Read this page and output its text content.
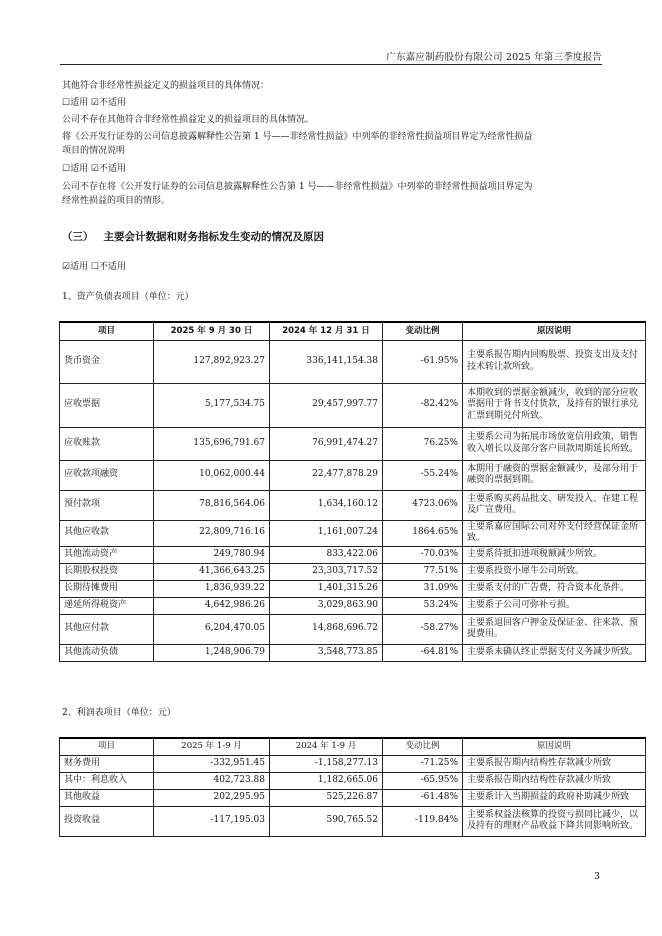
广东嘉应制药股份有限公司 2025 年第三季度报告
其他符合非经常性损益定义的损益项目的具体情况：
☐适用 ☑不适用
公司不存在其他符合非经常性损益定义的损益项目的具体情况。
将《公开发行证券的公司信息披露解释性公告第 1 号——非经常性损益》中列举的非经常性损益项目界定为经常性损益
项目的情况说明
☐适用 ☑不适用
公司不存在将《公开发行证券的公司信息披露解释性公告第 1 号——非经常性损益》中列举的非经常性损益项目界定为
经常性损益的项目的情形。
（三） 主要会计数据和财务指标发生变动的情况及原因
☑适用 ☐不适用
1、资产负债表项目（单位：元）
项目	2025 年 9 月 30 日	2024 年 12 月 31 日	变动比例	原因说明
货币资金	127,892,923.27	336,141,154.38	-61.95%	主要系报告期内回购股票、投资支出及支付技术转让款所致。
应收票据	5,177,534.75	29,457,997.77	-82.42%	本期收到的票据金额减少，收到的部分应收票据用于背书支付货款，及持有的银行承兑汇票到期兑付所致。
应收账款	135,696,791.67	76,991,474.27	76.25%	主要系公司为拓展市场放宽信用政策，销售收入增长以及部分客户回款周期延长所致。
应收款项融资	10,062,000.44	22,477,878.29	-55.24%	本期用于融资的票据金额减少，及部分用于融资的票据到期。
预付款项	78,816,564.06	1,634,160.12	4723.06%	主要系购买药品批文、研发投入、在建工程及广宣费用。
其他应收款	22,809,716.16	1,161,007.24	1864.65%	主要系嘉应国际公司对外支付经营保证金所致。
其他流动资产	249,780.94	833,422.06	-70.03%	主要系待抵扣进项税额减少所致。
长期股权投资	41,366,643.25	23,303,717.52	77.51%	主要系投资小犀牛公司所致。
长期待摊费用	1,836,939.22	1,401,315.26	31.09%	主要系支付的广告费，符合资本化条件。
递延所得税资产	4,642,986.26	3,029,863.90	53.24%	主要系子公司可弥补亏损。
其他应付款	6,204,470.05	14,868,696.72	-58.27%	主要系退回客户押金及保证金、往来款、预提费用。
其他流动负债	1,248,906.79	3,548,773.85	-64.81%	主要系未确认终止票据支付义务减少所致。
2、利润表项目（单位：元）
项目	2025 年 1-9 月	2024 年 1-9 月	变动比例	原因说明
财务费用	-332,951.45	-1,158,277.13	-71.25%	主要系报告期内结构性存款减少所致
其中：利息收入	402,723.88	1,182,665.06	-65.95%	主要系报告期内结构性存款减少所致
其他收益	202,295.95	525,226.87	-61.48%	主要系计入当期损益的政府补助减少所致
投资收益	-117,195.03	590,765.52	-119.84%	主要系权益法核算的投资亏损同比减少，以及持有的理财产品收益下降共同影响所致。
3
